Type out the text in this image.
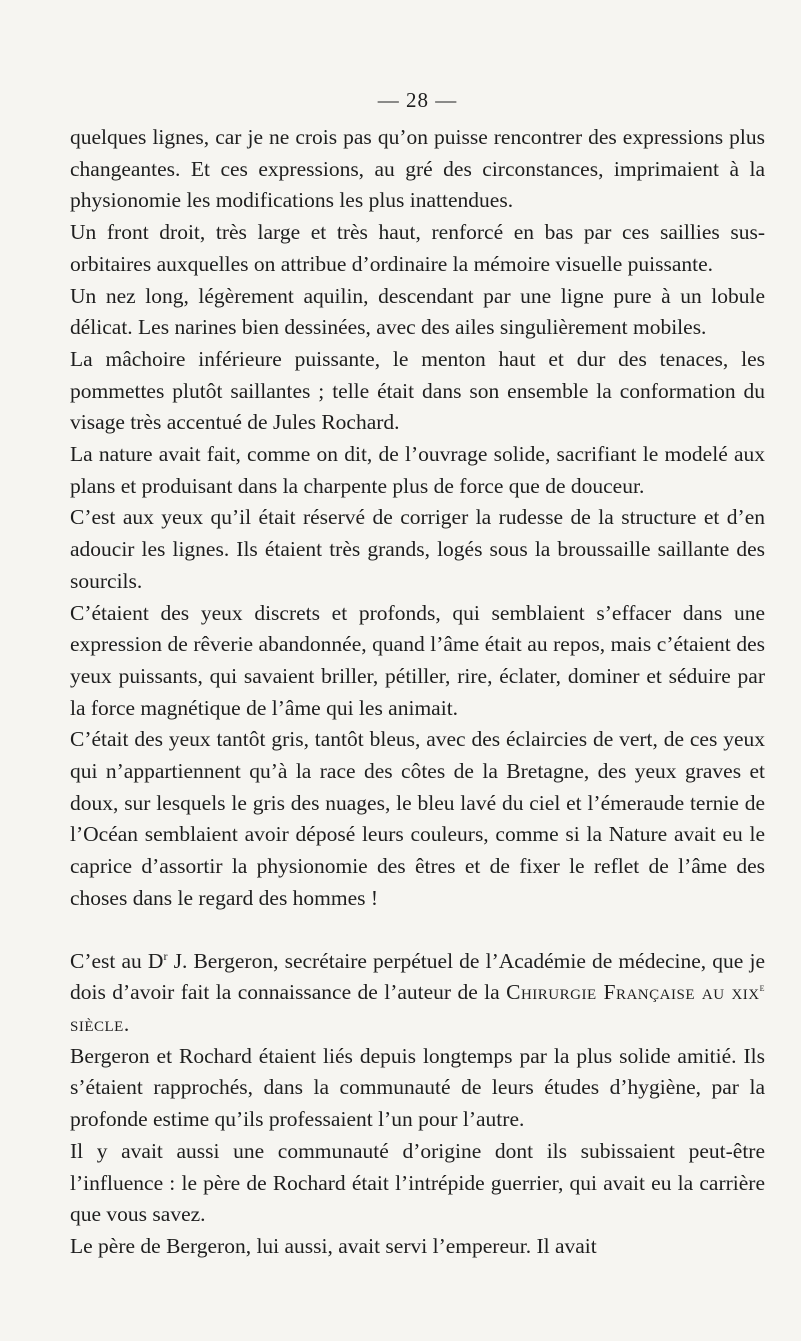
— 28 —

quelques lignes, car je ne crois pas qu’on puisse rencontrer des expressions plus changeantes. Et ces expressions, au gré des circonstances, imprimaient à la physionomie les modifications les plus inattendues.

Un front droit, très large et très haut, renforcé en bas par ces saillies sus-orbitaires auxquelles on attribue d’ordinaire la mémoire visuelle puissante.

Un nez long, légèrement aquilin, descendant par une ligne pure à un lobule délicat. Les narines bien dessinées, avec des ailes singulièrement mobiles.

La mâchoire inférieure puissante, le menton haut et dur des tenaces, les pommettes plutôt saillantes ; telle était dans son ensemble la conformation du visage très accentué de Jules Rochard.

La nature avait fait, comme on dit, de l’ouvrage solide, sacrifiant le modelé aux plans et produisant dans la charpente plus de force que de douceur.

C’est aux yeux qu’il était réservé de corriger la rudesse de la structure et d’en adoucir les lignes. Ils étaient très grands, logés sous la broussaille saillante des sourcils.

C’étaient des yeux discrets et profonds, qui semblaient s’effacer dans une expression de rêverie abandonnée, quand l’âme était au repos, mais c’étaient des yeux puissants, qui savaient briller, pétiller, rire, éclater, dominer et séduire par la force magnétique de l’âme qui les animait.

C’était des yeux tantôt gris, tantôt bleus, avec des éclaircies de vert, de ces yeux qui n’appartiennent qu’à la race des côtes de la Bretagne, des yeux graves et doux, sur lesquels le gris des nuages, le bleu lavé du ciel et l’émeraude ternie de l’Océan semblaient avoir déposé leurs couleurs, comme si la Nature avait eu le caprice d’assortir la physionomie des êtres et de fixer le reflet de l’âme des choses dans le regard des hommes !

C’est au $D^r$ J. Bergeron, secrétaire perpétuel de l’Académie de médecine, que je dois d’avoir fait la connaissance de l’auteur de la Chirurgie Française au xix$^e$ siècle.

Bergeron et Rochard étaient liés depuis longtemps par la plus solide amitié. Ils s’étaient rapprochés, dans la communauté de leurs études d’hygiène, par la profonde estime qu’ils professaient l’un pour l’autre.

Il y avait aussi une communauté d’origine dont ils subissaient peut-être l’influence : le père de Rochard était l’intrépide guerrier, qui avait eu la carrière que vous savez.

Le père de Bergeron, lui aussi, avait servi l’empereur. Il avait
